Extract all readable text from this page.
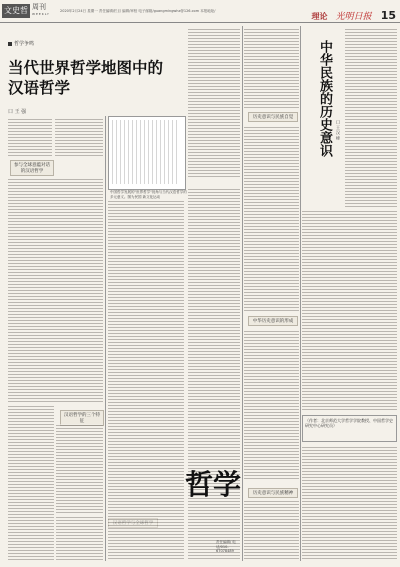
文史哲 周刊
WEEKLY
2020年2月24日 星期一 责任编辑/栏目 编辑/审校 电子邮箱/guangmingwhz@126.com 本报地址/
理论 光明日报 15
哲学争鸣
当代世界哲学地图中的汉语哲学
口 王 强
参与全球意蕴对话的汉语哲学
汉语哲学的三个特征
中国哲学发展的"世界哲学"视角与当代汉语哲学的多元意义。图为民国 新文化运动
历史意识与民族自觉
中华历史意识的形成
历史意识与民族精神
中华民族的历史意识	口 王 汉 峰
（作者：北京师范大学哲学学院教授、中国哲学史研究中心研究员）
哲学
责任编辑/ 电话/010-67078489
